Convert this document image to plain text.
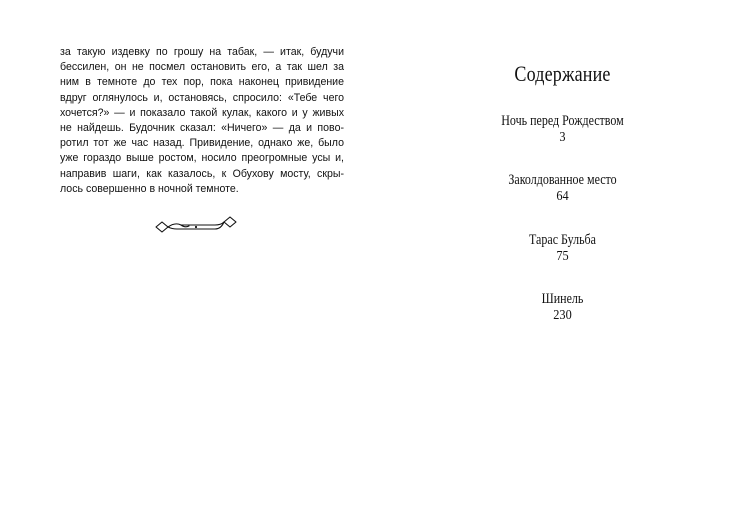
за такую издевку по грошу на табак, — итак, будучи
бессилен, он не посмел остановить его, а так шел за
ним в темноте до тех пор, пока наконец привидение
вдруг оглянулось и, остановясь, спросило: «Тебе чего
хочется?» — и показало такой кулак, какого и у живых
не найдешь. Будочник сказал: «Ничего» — да и пово-
ротил тот же час назад. Привидение, однако же, было
уже гораздо выше ростом, носило преогромные усы и,
направив шаги, как казалось, к Обухову мосту, скры-
лось совершенно в ночной темноте.

Содержание
Ночь перед Рождеством
3
Заколдованное место
64
Тарас Бульба
75
Шинель
230
